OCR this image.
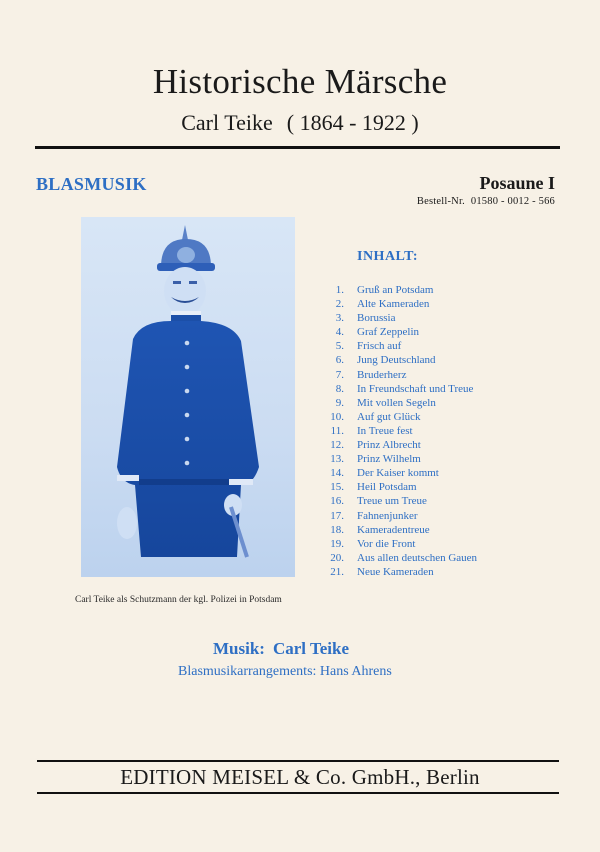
Historische Märsche
Carl Teike ( 1864 - 1922 )
BLASMUSIK	Posaune I
Bestell-Nr. 01580 - 0012 - 566
Carl Teike als Schutzmann der kgl. Polizei in Potsdam
INHALT:
1. Gruß an Potsdam
2. Alte Kameraden
3. Borussia
4. Graf Zeppelin
5. Frisch auf
6. Jung Deutschland
7. Bruderherz
8. In Freundschaft und Treue
9. Mit vollen Segeln
10. Auf gut Glück
11. In Treue fest
12. Prinz Albrecht
13. Prinz Wilhelm
14. Der Kaiser kommt
15. Heil Potsdam
16. Treue um Treue
17. Fahnenjunker
18. Kameradentreue
19. Vor die Front
20. Aus allen deutschen Gauen
21. Neue Kameraden
Musik: Carl Teike
Blasmusikarrangements: Hans Ahrens
EDITION MEISEL & Co. GmbH., Berlin
